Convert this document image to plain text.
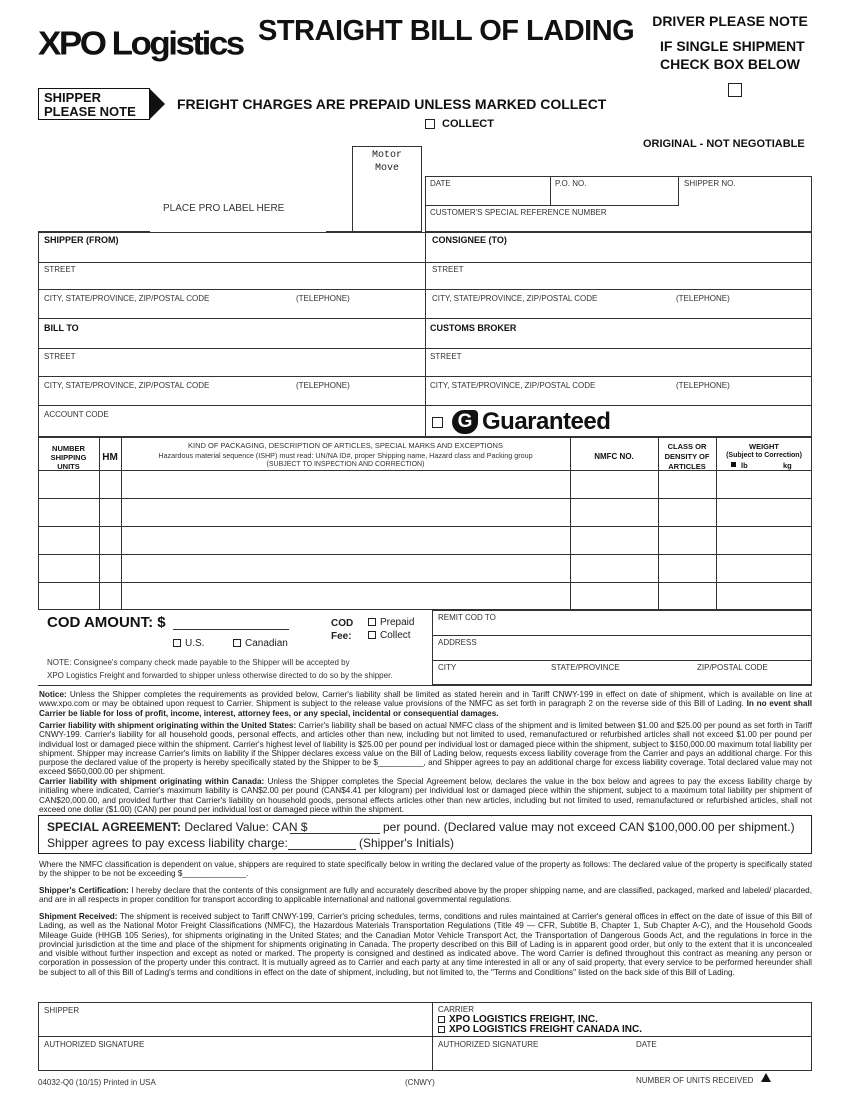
XPO Logistics STRAIGHT BILL OF LADING	DRIVER PLEASE NOTE
IF SINGLE SHIPMENT
CHECK BOX BELOW
SHIPPER
PLEASE NOTE	FREIGHT CHARGES ARE PREPAID UNLESS MARKED COLLECT
COLLECT
ORIGINAL - NOT NEGOTIABLE
Motor
Move
PLACE PRO LABEL HERE
DATE	P.O. NO.	SHIPPER NO.
CUSTOMER'S SPECIAL REFERENCE NUMBER
SHIPPER (FROM)	CONSIGNEE (TO)
STREET	STREET
CITY, STATE/PROVINCE, ZIP/POSTAL CODE	(TELEPHONE)	CITY, STATE/PROVINCE, ZIP/POSTAL CODE	(TELEPHONE)
BILL TO	CUSTOMS BROKER
STREET	STREET
CITY, STATE/PROVINCE, ZIP/POSTAL CODE	(TELEPHONE)	CITY, STATE/PROVINCE, ZIP/POSTAL CODE	(TELEPHONE)
ACCOUNT CODE	G Guaranteed
NUMBER
SHIPPING
UNITS
HM
KIND OF PACKAGING, DESCRIPTION OF ARTICLES, SPECIAL MARKS AND EXCEPTIONS
Hazardous material sequence (ISHP) must read: UN/NA ID#, proper Shipping name, Hazard class and Packing group
(SUBJECT TO INSPECTION AND CORRECTION)
NMFC NO.
CLASS OR
DENSITY OF
ARTICLES
WEIGHT
(Subject to Correction)
lb	kg
REMIT COD TO
ADDRESS
CITY	STATE/PROVINCE	ZIP/POSTAL CODE
COD AMOUNT: $	COD
Fee:
Prepaid
Collect
U.S.	Canadian
NOTE: Consignee's company check made payable to the Shipper will be accepted by
XPO Logistics Freight and forwarded to shipper unless otherwise directed to do so by the shipper.
Notice: Unless the Shipper completes the requirements as provided below, Carrier's liability shall be limited as stated herein and in Tariff CNWY-199 in effect on date of shipment, which is available on line at www.xpo.com or may be obtained upon request to Carrier. Shipment is subject to the release value provisions of the NMFC as set forth in paragraph 2 on the reverse side of this Bill of Lading. In no event shall Carrier be liable for loss of profit, income, interest, attorney fees, or any special, incidental or consequential damages.
Carrier liability with shipment originating within the United States: Carrier's liability shall be based on actual NMFC class of the shipment and is limited between $1.00 and $25.00 per pound as set forth in Tariff CNWY-199. Carrier's liability for all household goods, personal effects, and articles other than new, including but not limited to used, remanufactured or refurbished articles shall not exceed $1.00 per pound per individual lost or damaged piece within the shipment. Carrier's highest level of liability is $25.00 per pound per individual lost or damaged piece within the shipment, subject to $150,000.00 maximum total liability per shipment. Shipper may increase Carrier's limits on liability if the Shipper declares excess value on the Bill of Lading below, requests excess liability coverage from the Carrier and pays an additional charge. For this purpose the declared value of the property is hereby specifically stated by the Shipper to be $__________, and Shipper agrees to pay an additional charge for excess liability coverage. Total declared value may not exceed $650,000.00 per shipment.
Carrier liability with shipment originating within Canada: Unless the Shipper completes the Special Agreement below, declares the value in the box below and agrees to pay the excess liability charge by initialing where indicated, Carrier's maximum liability is CAN$2.00 per pound (CAN$4.41 per kilogram) per individual lost or damaged piece within the shipment, subject to a maximum total liability per shipment of CAN$20,000.00, and provided further that Carrier's liability on household goods, personal effects articles other than new articles, including but not limited to used, remanufactured or refurbished articles, shall not exceed one dollar ($1.00) (CAN) per pound per individual lost or damaged piece within the shipment.
SPECIAL AGREEMENT: Declared Value: CAN $	per pound. (Declared value may not exceed CAN $100,000.00 per shipment.)
Shipper agrees to pay excess liability charge:	(Shipper's Initials)
Where the NMFC classification is dependent on value, shippers are required to state specifically below in writing the declared value of the property as follows: The declared value of the property is specifically stated by the shipper to be not be exceeding $______________.
Shipper's Certification: I hereby declare that the contents of this consignment are fully and accurately described above by the proper shipping name, and are classified, packaged, marked and labeled/ placarded, and are in all respects in proper condition for transport according to applicable international and national governmental regulations.
Shipment Received: The shipment is received subject to Tariff CNWY-199, Carrier's pricing schedules, terms, conditions and rules maintained at Carrier's general offices in effect on the date of issue of this Bill of Lading, as well as the National Motor Freight Classifications (NMFC), the Hazardous Materials Transportation Regulations (Title 49 — CFR, Subtitle B, Chapter 1, Sub Chapter A-C), and the Household Goods Mileage Guide (HHGB 105 Series), for shipments originating in the United States; and the Canadian Motor Vehicle Transport Act, the Transportation of Dangerous Goods Act, and the regulations in force in the provincial jurisdiction at the time and place of the shipment for shipments originating in Canada. The property described on this Bill of Lading is in apparent good order, but only to the extent that it is unconcealed and visible without further inspection and except as noted or marked. The property is consigned and destined as indicated above. The word Carrier is defined throughout this contract as meaning any person or corporation in possession of the property under this contract. It is mutually agreed as to Carrier and each party at any time interested in all or any of said property, that every service to be performed hereunder shall be subject to all of this Bill of Lading's terms and conditions in effect on the date of shipment, including, but not limited to, the "Terms and Conditions" listed on the back side of this Bill of Lading.
SHIPPER	CARRIER
XPO LOGISTICS FREIGHT, INC.
XPO LOGISTICS FREIGHT CANADA INC.
AUTHORIZED SIGNATURE	AUTHORIZED SIGNATURE	DATE
04032-Q0 (10/15) Printed in USA	(CNWY)	NUMBER OF UNITS RECEIVED
